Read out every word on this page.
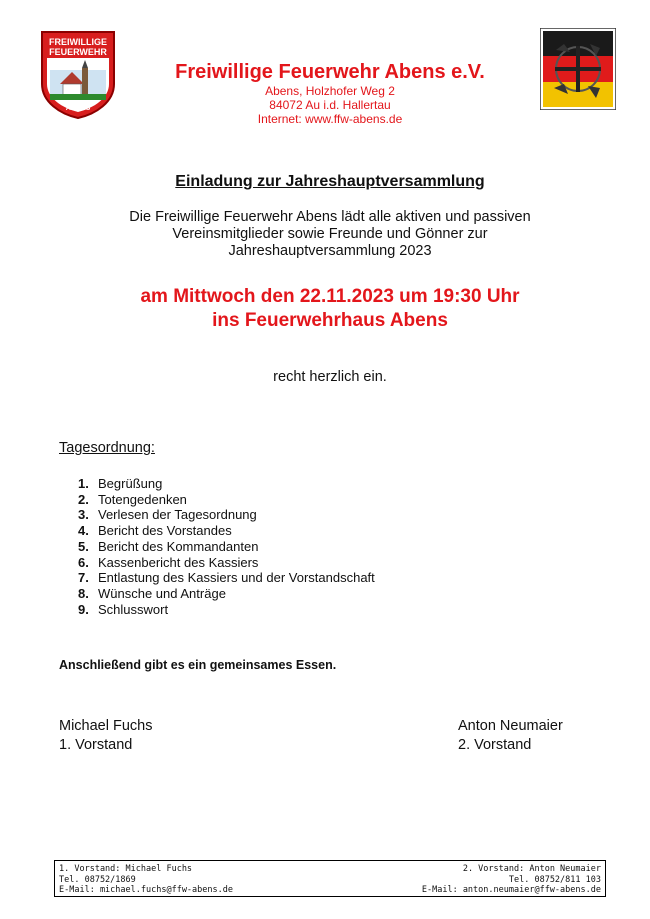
FREIWILLIGE
FEUERWEHR
ABENS
Freiwillige Feuerwehr Abens e.V.
Abens, Holzhofer Weg 2
84072 Au i.d. Hallertau
Internet: www.ffw-abens.de
Einladung zur Jahreshauptversammlung
Die Freiwillige Feuerwehr Abens lädt alle aktiven und passiven
Vereinsmitglieder sowie Freunde und Gönner zur
Jahreshauptversammlung 2023
am Mittwoch den 22.11.2023 um 19:30 Uhr
ins Feuerwehrhaus Abens
recht herzlich ein.
Tagesordnung:
1. Begrüßung
2. Totengedenken
3. Verlesen der Tagesordnung
4. Bericht des Vorstandes
5. Bericht des Kommandanten
6. Kassenbericht des Kassiers
7. Entlastung des Kassiers und der Vorstandschaft
8. Wünsche und Anträge
9. Schlusswort
Anschließend gibt es ein gemeinsames Essen.
Michael Fuchs
1. Vorstand
Anton Neumaier
2. Vorstand
1. Vorstand: Michael Fuchs
Tel. 08752/1869
E-Mail: michael.fuchs@ffw-abens.de
2. Vorstand: Anton Neumaier
Tel. 08752/811 103
E-Mail: anton.neumaier@ffw-abens.de
